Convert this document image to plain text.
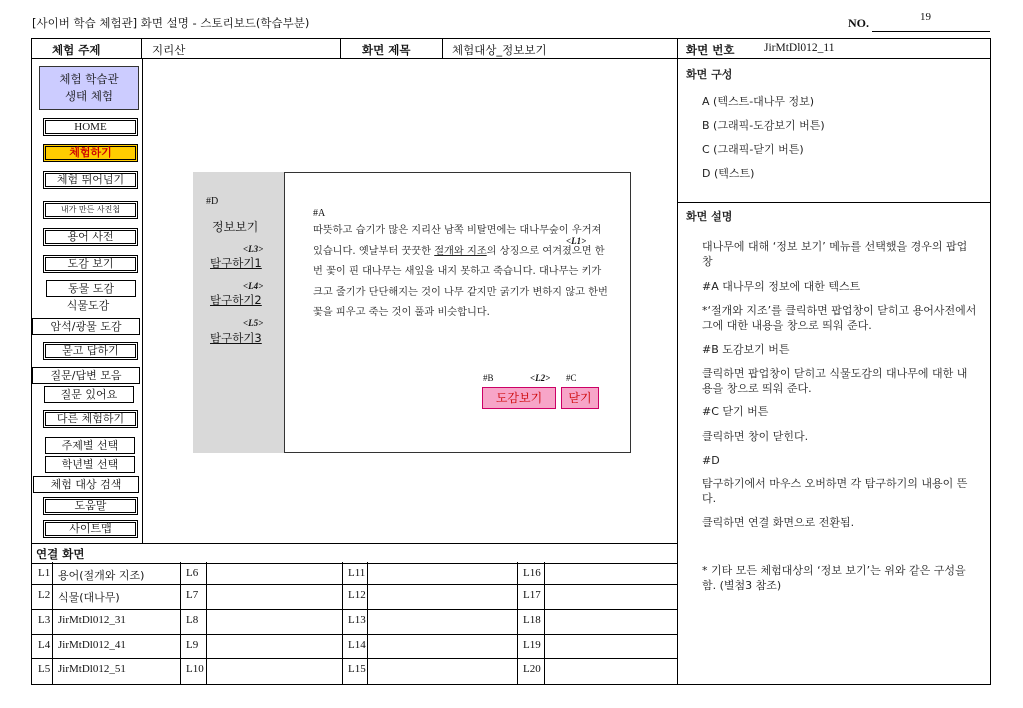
[사이버 학습 체험관] 화면 설명 - 스토리보드(학습부분)	NO.	19
체험 주제	지리산	화면 제목	체험대상_정보보기	화면 번호	JirMtDl012_11
체험 학습관
생태 체험
HOME
체험하기
체험 뛰어넘기
내가 만든 사진첩
용어 사전
도감 보기
동물 도감
식물도감
암석/광물 도감
묻고 답하기
질문/답변 모음
질문 있어요
다른 체험하기
주제별 선택
학년별 선택
체험 대상 검색
도움말
사이트맵
#D
정보보기
<L3>
탐구하기1
<L4>
탐구하기2
<L5>
탐구하기3
#A
따뜻하고 습기가 많은 지리산 남쪽 비탈면에는 대나무숲이 우거져 있습니다. 옛날부터 꿋꿋한 절개와 지조의 상징으로 여겨졌으면 한번 꽃이 핀 대나무는 새잎을 내지 못하고 죽습니다. 대나무는 키가 크고 줄기가 단단해지는 것이 나무 같지만 굵기가 변하지 않고 한번 꽃을 피우고 죽는 것이 풀과 비슷합니다.
<L1>
#B	<L2> #C
도감보기	닫기
화면 구성
A (텍스트-대나무 정보)
B (그래픽-도감보기 버튼)
C (그래픽-닫기 버튼)
D (텍스트)
화면 설명
대나무에 대해 ‘정보 보기’ 메뉴를 선택했을 경우의 팝업창
#A 대나무의 정보에 대한 텍스트
*‘절개와 지조’를 클릭하면 팝업창이 닫히고 용어사전에서 그에 대한 내용을 창으로 띄워 준다.
#B 도감보기 버튼
클릭하면 팝업창이 닫히고 식물도감의 대나무에 대한 내용을 창으로 띄워 준다.
#C 닫기 버튼
클릭하면 창이 닫힌다.
#D
탐구하기에서 마우스 오버하면 각 탐구하기의 내용이 뜬다.
클릭하면 연결 화면으로 전환됨.
* 기타 모든 체험대상의 ‘정보 보기’는 위와 같은 구성을 함. (별첨3 참조)
연결 화면
L1 용어(절개와 지조)	L6	L11	L16
L2 식물(대나무)	L7	L12	L17
L3 JirMtDl012_31	L8	L13	L18
L4 JirMtDl012_41	L9	L14	L19
L5 JirMtDl012_51	L10	L15	L20
